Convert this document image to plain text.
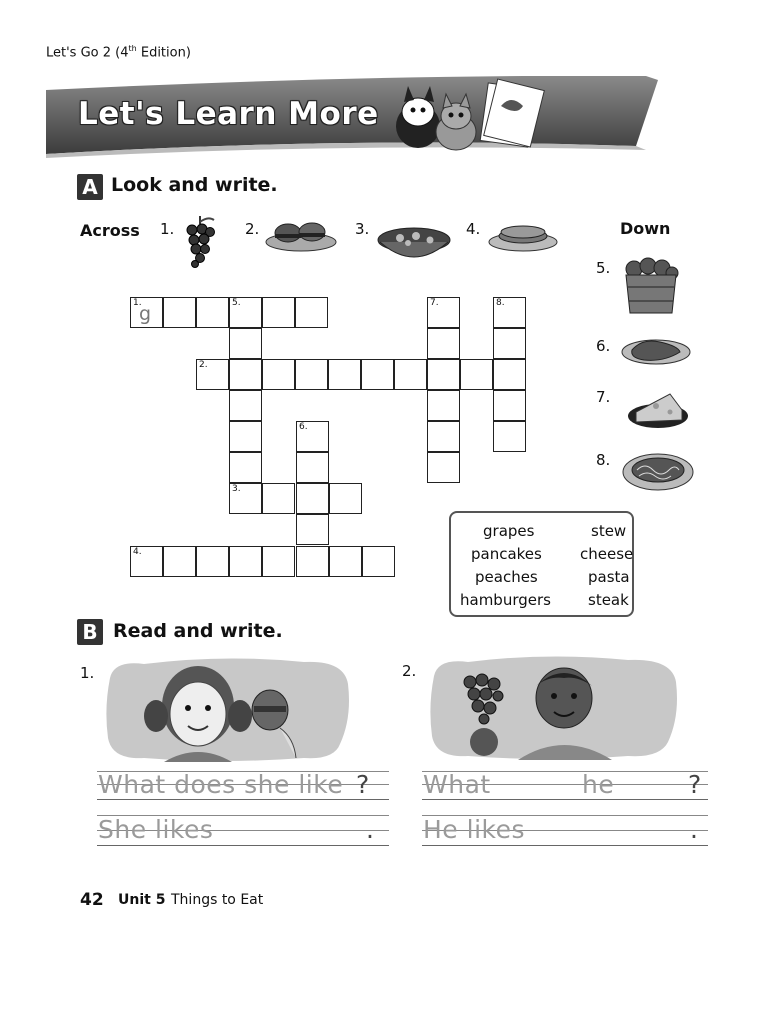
Let's Go 2 (4th Edition)
Let's Learn More
A Look and write.
Across 1.	2.	3.	4.	Down
5.
6.
7.
8.
1.
g	5.
3.
2.
7.	8.
6.
4.
grapes	stew
pancakes	cheese
peaches	pasta
hamburgers steak
B Read and write.
1.
What does she like ?
She likes	.
2.
What	he	?
He likes	.
42 Unit 5 Things to Eat
